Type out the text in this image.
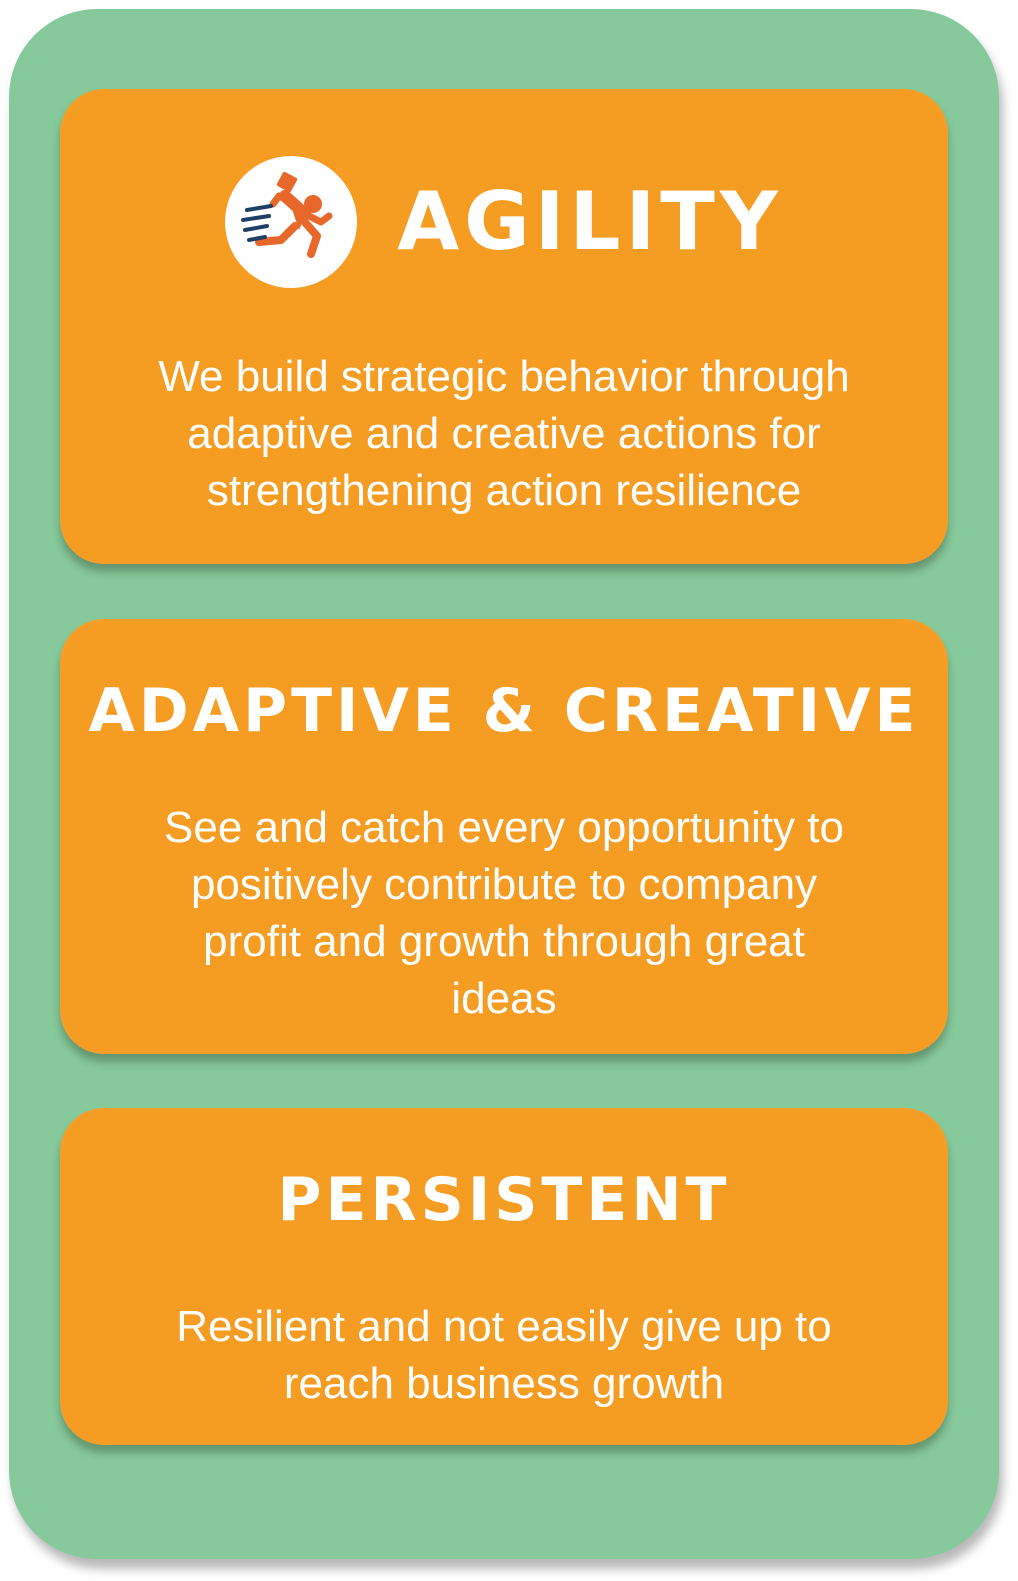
AGILITY
We build strategic behavior through
adaptive and creative actions for
strengthening action resilience
ADAPTIVE & CREATIVE
See and catch every opportunity to
positively contribute to company
profit and growth through great
ideas
PERSISTENT
Resilient and not easily give up to
reach business growth
